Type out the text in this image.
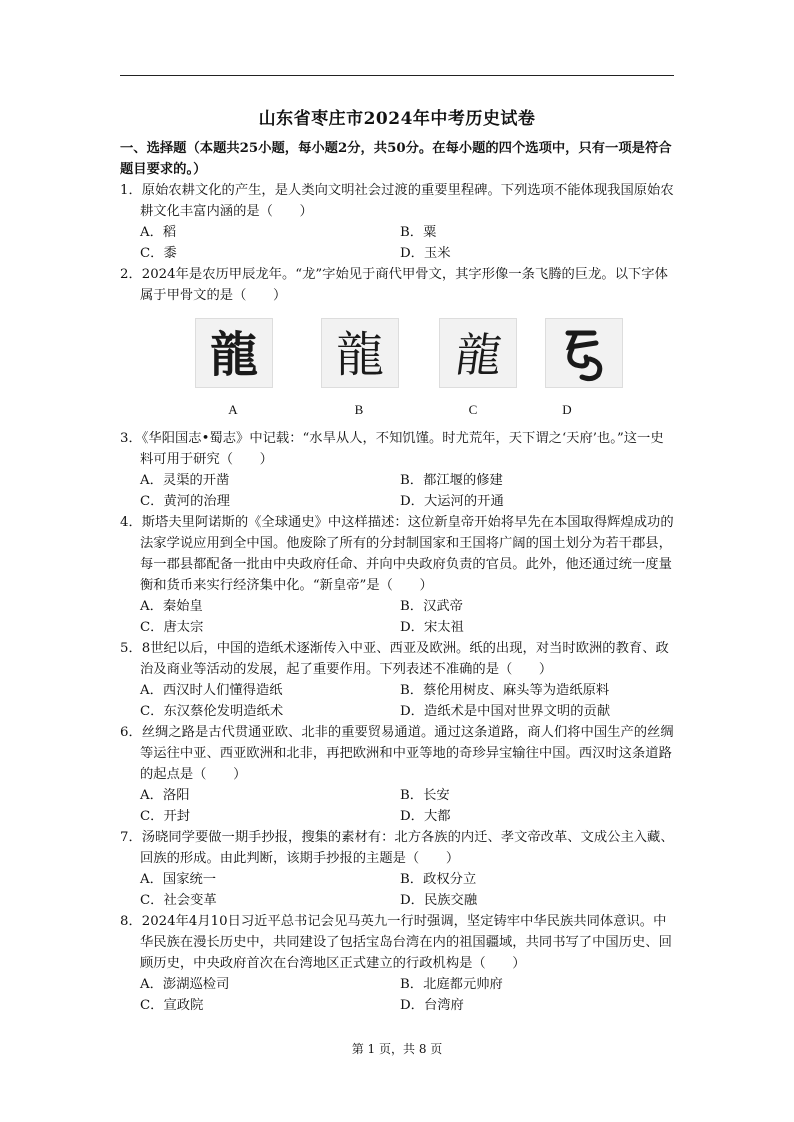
山东省枣庄市2024年中考历史试卷
一、选择题（本题共25小题，每小题2分，共50分。在每小题的四个选项中，只有一项是符合题目要求的。）
1．原始农耕文化的产生，是人类向文明社会过渡的重要里程碑。下列选项不能体现我国原始农耕文化丰富内涵的是（　　）
A．稻	B．粟
C．黍	D．玉米
2．2024年是农历甲辰龙年。“龙”字始见于商代甲骨文，其字形像一条飞腾的巨龙。以下字体属于甲骨文的是（　　）
龍 龍 龍
A	B	C	D
3．《华阳国志•蜀志》中记载：“水旱从人，不知饥馑。时尤荒年，天下谓之‘天府’也。”这一史料可用于研究（　　）
A．灵渠的开凿	B．都江堰的修建
C．黄河的治理	D．大运河的开通
4．斯塔夫里阿诺斯的《全球通史》中这样描述：这位新皇帝开始将早先在本国取得辉煌成功的法家学说应用到全中国。他废除了所有的分封制国家和王国将广阔的国土划分为若干郡县，每一郡县都配备一批由中央政府任命、并向中央政府负责的官员。此外，他还通过统一度量衡和货币来实行经济集中化。“新皇帝”是（　　）
A．秦始皇	B．汉武帝
C．唐太宗	D．宋太祖
5．8世纪以后，中国的造纸术逐渐传入中亚、西亚及欧洲。纸的出现，对当时欧洲的教育、政治及商业等活动的发展，起了重要作用。下列表述不准确的是（　　）
A．西汉时人们懂得造纸	B．蔡伦用树皮、麻头等为造纸原料
C．东汉蔡伦发明造纸术	D．造纸术是中国对世界文明的贡献
6．丝绸之路是古代贯通亚欧、北非的重要贸易通道。通过这条道路，商人们将中国生产的丝绸等运往中亚、西亚欧洲和北非，再把欧洲和中亚等地的奇珍异宝输往中国。西汉时这条道路的起点是（　　）
A．洛阳	B．长安
C．开封	D．大都
7．汤晓同学要做一期手抄报，搜集的素材有：北方各族的内迁、孝文帝改革、文成公主入藏、回族的形成。由此判断，该期手抄报的主题是（　　）
A．国家统一	B．政权分立
C．社会变革	D．民族交融
8．2024年4月10日习近平总书记会见马英九一行时强调，坚定铸牢中华民族共同体意识。中华民族在漫长历史中，共同建设了包括宝岛台湾在内的祖国疆域，共同书写了中国历史、回顾历史，中央政府首次在台湾地区正式建立的行政机构是（　　）
A．澎湖巡检司	B．北庭都元帅府
C．宣政院	D．台湾府
第 1 页，共 8 页
